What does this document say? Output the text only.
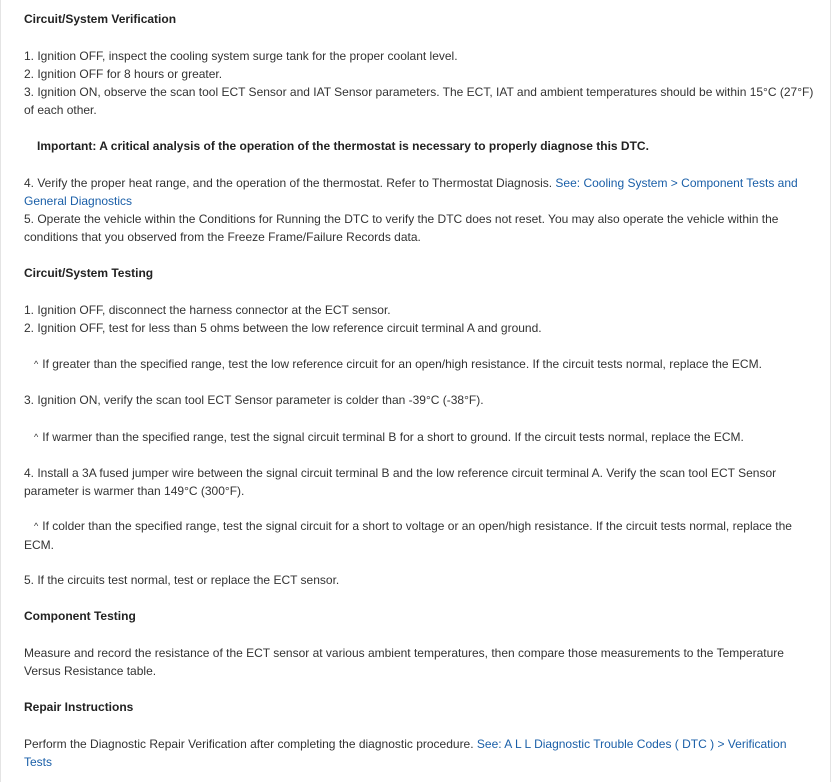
Circuit/System Verification

1. Ignition OFF, inspect the cooling system surge tank for the proper coolant level.

2. Ignition OFF for 8 hours or greater.

3. Ignition ON, observe the scan tool ECT Sensor and IAT Sensor parameters. The ECT, IAT and ambient temperatures should be within 15°C (27°F) of each other.

Important: A critical analysis of the operation of the thermostat is necessary to properly diagnose this DTC.

4. Verify the proper heat range, and the operation of the thermostat. Refer to Thermostat Diagnosis. See: Cooling System > Component Tests and General Diagnostics

5. Operate the vehicle within the Conditions for Running the DTC to verify the DTC does not reset. You may also operate the vehicle within the conditions that you observed from the Freeze Frame/Failure Records data.

Circuit/System Testing

1. Ignition OFF, disconnect the harness connector at the ECT sensor.

2. Ignition OFF, test for less than 5 ohms between the low reference circuit terminal A and ground.

^ If greater than the specified range, test the low reference circuit for an open/high resistance. If the circuit tests normal, replace the ECM.

3. Ignition ON, verify the scan tool ECT Sensor parameter is colder than -39°C (-38°F).

^ If warmer than the specified range, test the signal circuit terminal B for a short to ground. If the circuit tests normal, replace the ECM.

4. Install a 3A fused jumper wire between the signal circuit terminal B and the low reference circuit terminal A. Verify the scan tool ECT Sensor parameter is warmer than 149°C (300°F).

^ If colder than the specified range, test the signal circuit for a short to voltage or an open/high resistance. If the circuit tests normal, replace the ECM.

5. If the circuits test normal, test or replace the ECT sensor.

Component Testing

Measure and record the resistance of the ECT sensor at various ambient temperatures, then compare those measurements to the Temperature Versus Resistance table.

Repair Instructions

Perform the Diagnostic Repair Verification after completing the diagnostic procedure. See: A L L Diagnostic Trouble Codes ( DTC ) > Verification Tests
